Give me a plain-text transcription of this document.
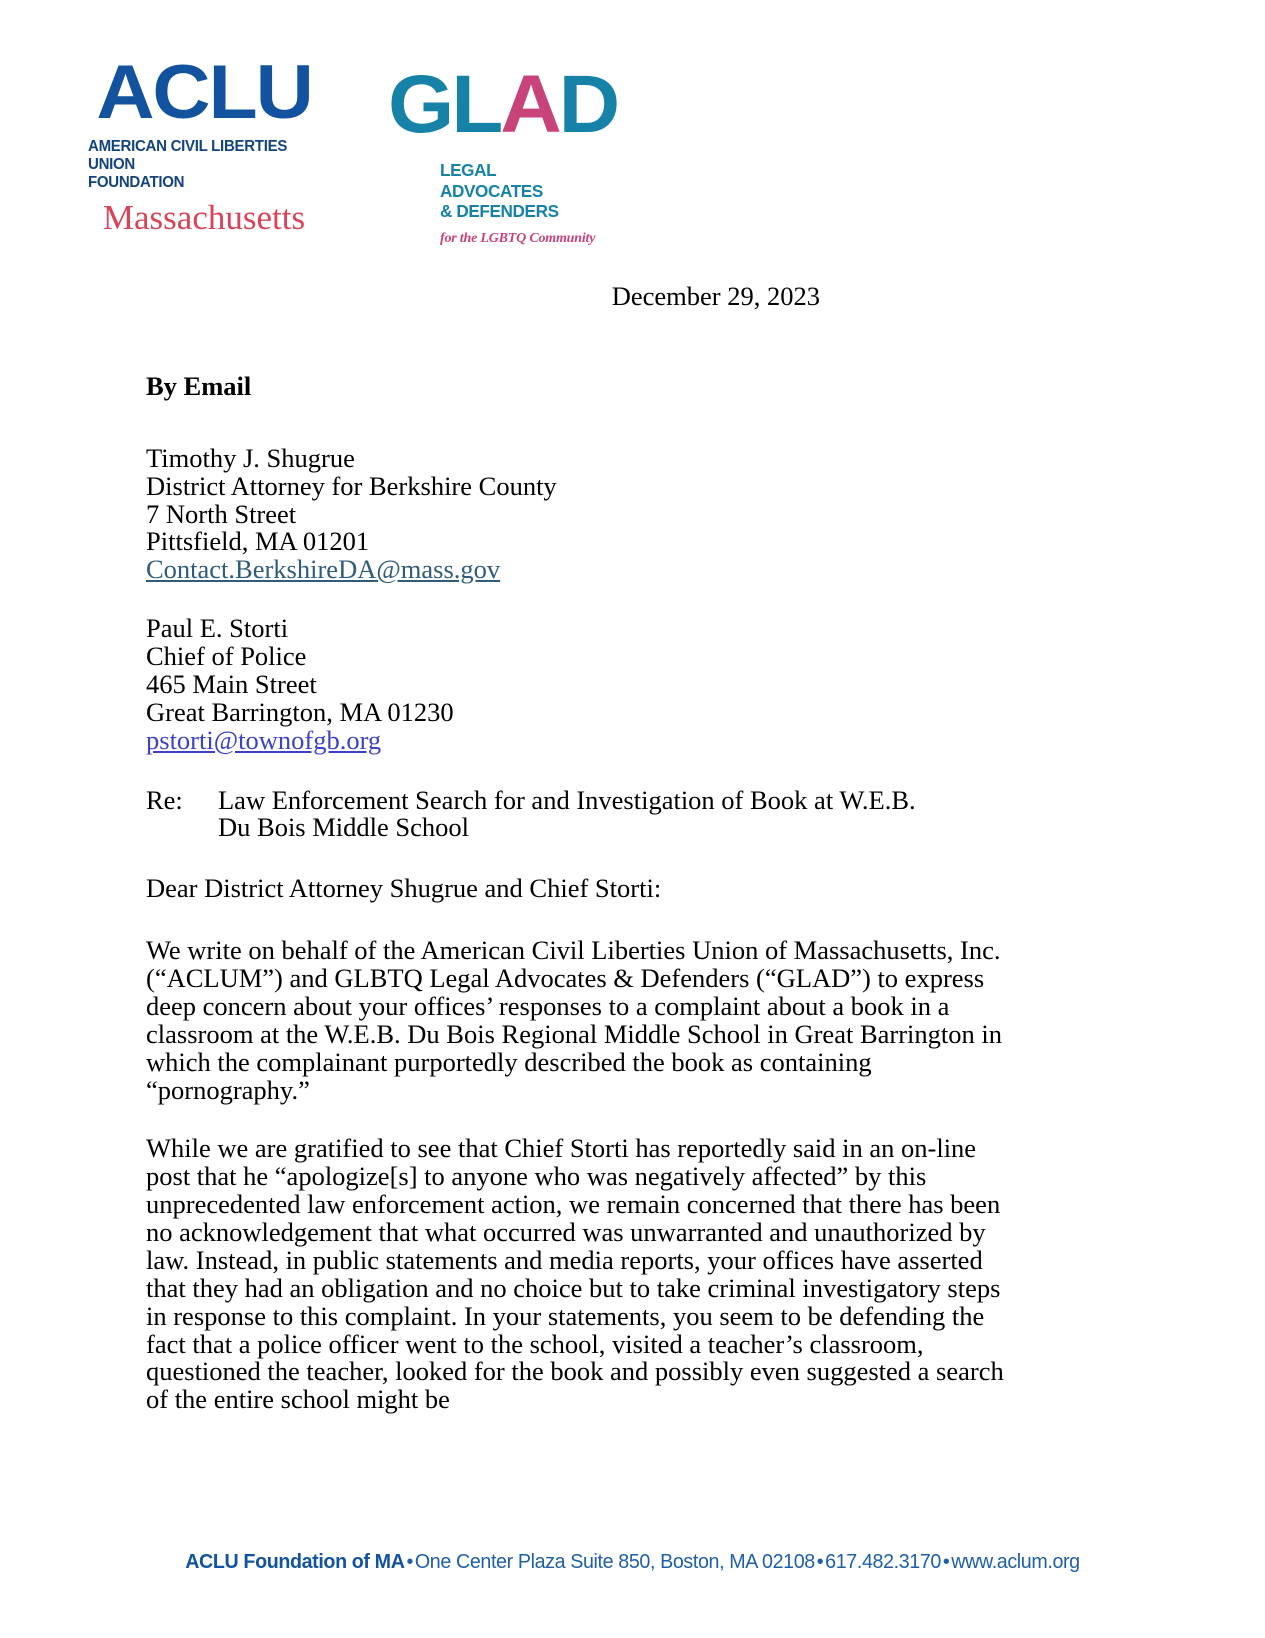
ACLU
AMERICAN CIVIL LIBERTIES UNION
FOUNDATION
Massachusetts
GLAD
LEGAL ADVOCATES
& DEFENDERS
for the LGBTQ Community
December 29, 2023
By Email
Timothy J. Shugrue
District Attorney for Berkshire County
7 North Street
Pittsfield, MA 01201
Contact.BerkshireDA@mass.gov
Paul E. Storti
Chief of Police
465 Main Street
Great Barrington, MA 01230
pstorti@townofgb.org
Re:	Law Enforcement Search for and Investigation of Book at W.E.B. Du Bois Middle School
Dear District Attorney Shugrue and Chief Storti:
We write on behalf of the American Civil Liberties Union of Massachusetts, Inc. (“ACLUM”) and GLBTQ Legal Advocates & Defenders (“GLAD”) to express deep concern about your offices’ responses to a complaint about a book in a classroom at the W.E.B. Du Bois Regional Middle School in Great Barrington in which the complainant purportedly described the book as containing “pornography.”
While we are gratified to see that Chief Storti has reportedly said in an on-line post that he “apologize[s] to anyone who was negatively affected” by this unprecedented law enforcement action, we remain concerned that there has been no acknowledgement that what occurred was unwarranted and unauthorized by law. Instead, in public statements and media reports, your offices have asserted that they had an obligation and no choice but to take criminal investigatory steps in response to this complaint. In your statements, you seem to be defending the fact that a police officer went to the school, visited a teacher’s classroom, questioned the teacher, looked for the book and possibly even suggested a search of the entire school might be
ACLU Foundation of MA•One Center Plaza Suite 850, Boston, MA 02108•617.482.3170•www.aclum.org
